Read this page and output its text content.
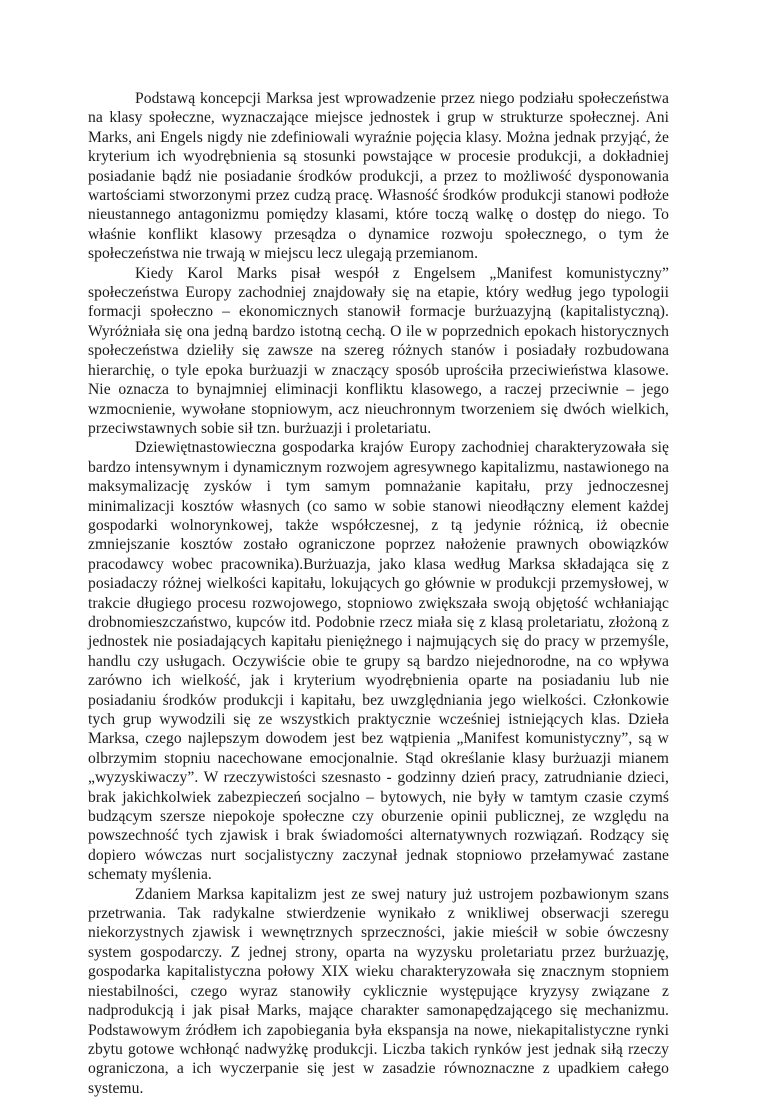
Podstawą koncepcji Marksa jest wprowadzenie przez niego podziału społeczeństwa na klasy społeczne, wyznaczające miejsce jednostek i grup w strukturze społecznej. Ani Marks, ani Engels nigdy nie zdefiniowali wyraźnie pojęcia klasy. Można jednak przyjąć, że kryterium ich wyodrębnienia są stosunki powstające w procesie produkcji, a dokładniej posiadanie bądź nie posiadanie środków produkcji, a przez to możliwość dysponowania wartościami stworzonymi przez cudzą pracę. Własność środków produkcji stanowi podłoże nieustannego antagonizmu pomiędzy klasami, które toczą walkę o dostęp do niego. To właśnie konflikt klasowy przesądza o dynamice rozwoju społecznego, o tym że społeczeństwa nie trwają w miejscu lecz ulegają przemianom.

Kiedy Karol Marks pisał wespół z Engelsem „Manifest komunistyczny” społeczeństwa Europy zachodniej znajdowały się na etapie, który według jego typologii formacji społeczno – ekonomicznych stanowił formacje burżuazyjną (kapitalistyczną). Wyróżniała się ona jedną bardzo istotną cechą. O ile w poprzednich epokach historycznych społeczeństwa dzieliły się zawsze na szereg różnych stanów i posiadały rozbudowana hierarchię, o tyle epoka burżuazji w znaczący sposób uprościła przeciwieństwa klasowe. Nie oznacza to bynajmniej eliminacji konfliktu klasowego, a raczej przeciwnie – jego wzmocnienie, wywołane stopniowym, acz nieuchronnym tworzeniem się dwóch wielkich, przeciwstawnych sobie sił tzn. burżuazji i proletariatu.

Dziewiętnastowieczna gospodarka krajów Europy zachodniej charakteryzowała się bardzo intensywnym i dynamicznym rozwojem agresywnego kapitalizmu, nastawionego na maksymalizację zysków i tym samym pomnażanie kapitału, przy jednoczesnej minimalizacji kosztów własnych (co samo w sobie stanowi nieodłączny element każdej gospodarki wolnorynkowej, także współczesnej, z tą jedynie różnicą, iż obecnie zmniejszanie kosztów zostało ograniczone poprzez nałożenie prawnych obowiązków pracodawcy wobec pracownika).Burżuazja, jako klasa według Marksa składająca się z posiadaczy różnej wielkości kapitału, lokujących go głównie w produkcji przemysłowej, w trakcie długiego procesu rozwojowego, stopniowo zwiększała swoją objętość wchłaniając drobnomieszczaństwo, kupców itd. Podobnie rzecz miała się z klasą proletariatu, złożoną z jednostek nie posiadających kapitału pieniężnego i najmujących się do pracy w przemyśle, handlu czy usługach. Oczywiście obie te grupy są bardzo niejednorodne, na co wpływa zarówno ich wielkość, jak i kryterium wyodrębnienia oparte na posiadaniu lub nie posiadaniu środków produkcji i kapitału, bez uwzględniania jego wielkości. Członkowie tych grup wywodzili się ze wszystkich praktycznie wcześniej istniejących klas. Dzieła Marksa, czego najlepszym dowodem jest bez wątpienia „Manifest komunistyczny”, są w olbrzymim stopniu nacechowane emocjonalnie. Stąd określanie klasy burżuazji mianem „wyzyskiwaczy”. W rzeczywistości szesnasto - godzinny dzień pracy, zatrudnianie dzieci, brak jakichkolwiek zabezpieczeń socjalno – bytowych, nie były w tamtym czasie czymś budzącym szersze niepokoje społeczne czy oburzenie opinii publicznej, ze względu na powszechność tych zjawisk i brak świadomości alternatywnych rozwiązań. Rodzący się dopiero wówczas nurt socjalistyczny zaczynał jednak stopniowo przełamywać zastane schematy myślenia.

Zdaniem Marksa kapitalizm jest ze swej natury już ustrojem pozbawionym szans przetrwania. Tak radykalne stwierdzenie wynikało z wnikliwej obserwacji szeregu niekorzystnych zjawisk i wewnętrznych sprzeczności, jakie mieścił w sobie ówczesny system gospodarczy. Z jednej strony, oparta na wyzysku proletariatu przez burżuazję, gospodarka kapitalistyczna połowy XIX wieku charakteryzowała się znacznym stopniem niestabilności, czego wyraz stanowiły cyklicznie występujące kryzysy związane z nadprodukcją i jak pisał Marks, mające charakter samonapędzającego się mechanizmu. Podstawowym źródłem ich zapobiegania była ekspansja na nowe, niekapitalistyczne rynki zbytu gotowe wchłonąć nadwyżkę produkcji. Liczba takich rynków jest jednak siłą rzeczy ograniczona, a ich wyczerpanie się jest w zasadzie równoznaczne z upadkiem całego systemu.
